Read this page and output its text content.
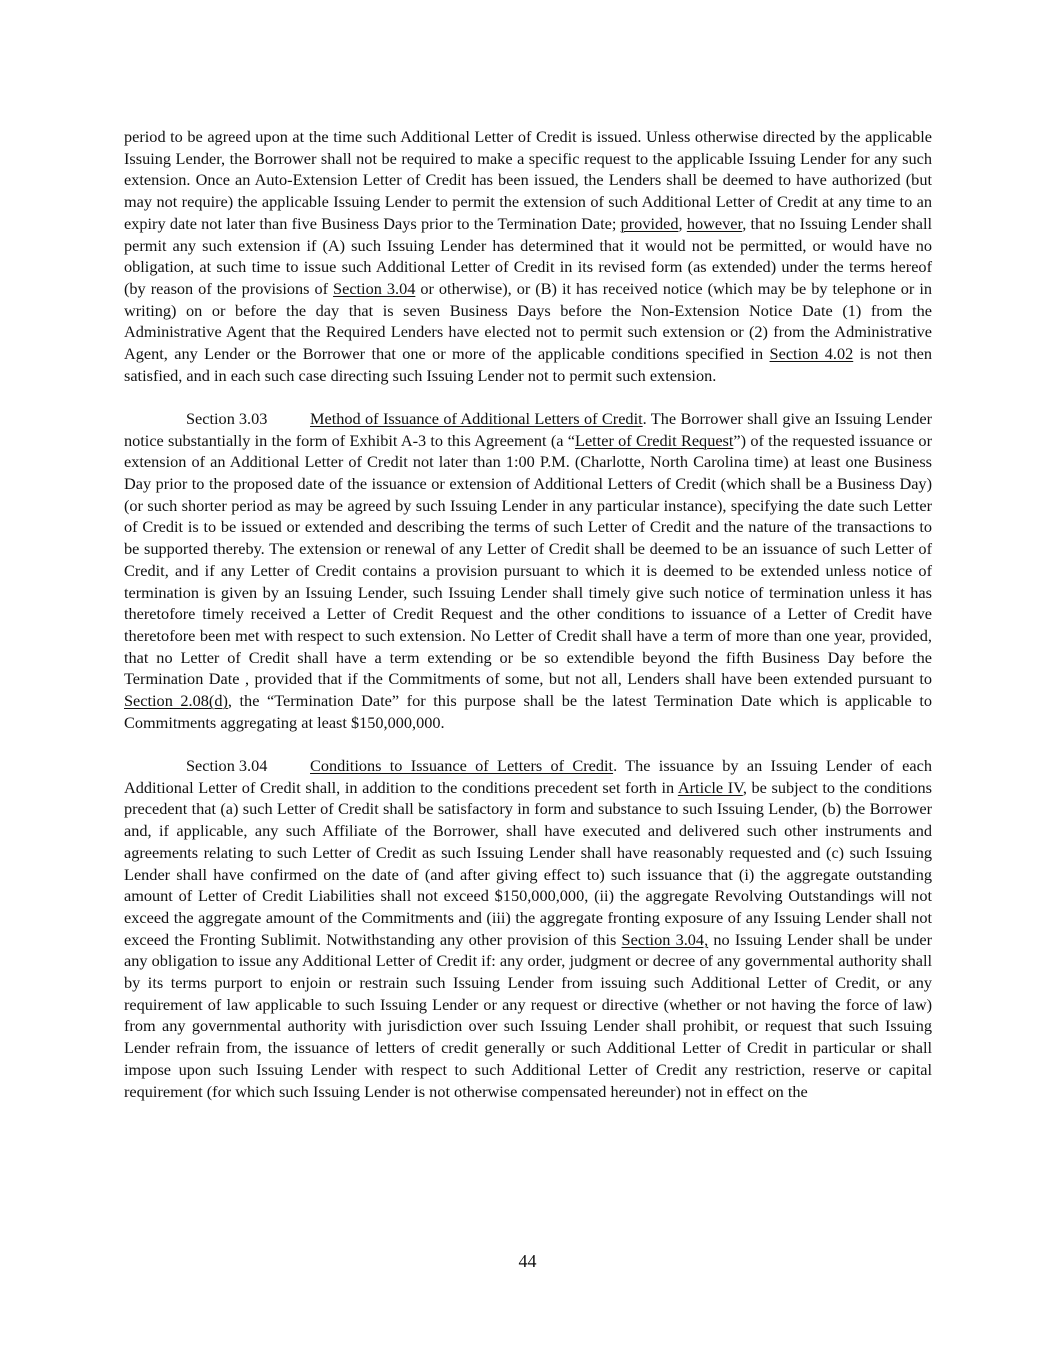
period to be agreed upon at the time such Additional Letter of Credit is issued. Unless otherwise directed by the applicable Issuing Lender, the Borrower shall not be required to make a specific request to the applicable Issuing Lender for any such extension. Once an Auto-Extension Letter of Credit has been issued, the Lenders shall be deemed to have authorized (but may not require) the applicable Issuing Lender to permit the extension of such Additional Letter of Credit at any time to an expiry date not later than five Business Days prior to the Termination Date; provided, however, that no Issuing Lender shall permit any such extension if (A) such Issuing Lender has determined that it would not be permitted, or would have no obligation, at such time to issue such Additional Letter of Credit in its revised form (as extended) under the terms hereof (by reason of the provisions of Section 3.04 or otherwise), or (B) it has received notice (which may be by telephone or in writing) on or before the day that is seven Business Days before the Non-Extension Notice Date (1) from the Administrative Agent that the Required Lenders have elected not to permit such extension or (2) from the Administrative Agent, any Lender or the Borrower that one or more of the applicable conditions specified in Section 4.02 is not then satisfied, and in each such case directing such Issuing Lender not to permit such extension.

Section 3.03	Method of Issuance of Additional Letters of Credit. The Borrower shall give an Issuing Lender notice substantially in the form of Exhibit A-3 to this Agreement (a “Letter of Credit Request”) of the requested issuance or extension of an Additional Letter of Credit not later than 1:00 P.M. (Charlotte, North Carolina time) at least one Business Day prior to the proposed date of the issuance or extension of Additional Letters of Credit (which shall be a Business Day) (or such shorter period as may be agreed by such Issuing Lender in any particular instance), specifying the date such Letter of Credit is to be issued or extended and describing the terms of such Letter of Credit and the nature of the transactions to be supported thereby. The extension or renewal of any Letter of Credit shall be deemed to be an issuance of such Letter of Credit, and if any Letter of Credit contains a provision pursuant to which it is deemed to be extended unless notice of termination is given by an Issuing Lender, such Issuing Lender shall timely give such notice of termination unless it has theretofore timely received a Letter of Credit Request and the other conditions to issuance of a Letter of Credit have theretofore been met with respect to such extension. No Letter of Credit shall have a term of more than one year, provided, that no Letter of Credit shall have a term extending or be so extendible beyond the fifth Business Day before the Termination Date , provided that if the Commitments of some, but not all, Lenders shall have been extended pursuant to Section 2.08(d), the “Termination Date” for this purpose shall be the latest Termination Date which is applicable to Commitments aggregating at least $150,000,000.

Section 3.04	Conditions to Issuance of Letters of Credit. The issuance by an Issuing Lender of each Additional Letter of Credit shall, in addition to the conditions precedent set forth in Article IV, be subject to the conditions precedent that (a) such Letter of Credit shall be satisfactory in form and substance to such Issuing Lender, (b) the Borrower and, if applicable, any such Affiliate of the Borrower, shall have executed and delivered such other instruments and agreements relating to such Letter of Credit as such Issuing Lender shall have reasonably requested and (c) such Issuing Lender shall have confirmed on the date of (and after giving effect to) such issuance that (i) the aggregate outstanding amount of Letter of Credit Liabilities shall not exceed $150,000,000, (ii) the aggregate Revolving Outstandings will not exceed the aggregate amount of the Commitments and (iii) the aggregate fronting exposure of any Issuing Lender shall not exceed the Fronting Sublimit. Notwithstanding any other provision of this Section 3.04, no Issuing Lender shall be under any obligation to issue any Additional Letter of Credit if: any order, judgment or decree of any governmental authority shall by its terms purport to enjoin or restrain such Issuing Lender from issuing such Additional Letter of Credit, or any requirement of law applicable to such Issuing Lender or any request or directive (whether or not having the force of law) from any governmental authority with jurisdiction over such Issuing Lender shall prohibit, or request that such Issuing Lender refrain from, the issuance of letters of credit generally or such Additional Letter of Credit in particular or shall impose upon such Issuing Lender with respect to such Additional Letter of Credit any restriction, reserve or capital requirement (for which such Issuing Lender is not otherwise compensated hereunder) not in effect on the

44
